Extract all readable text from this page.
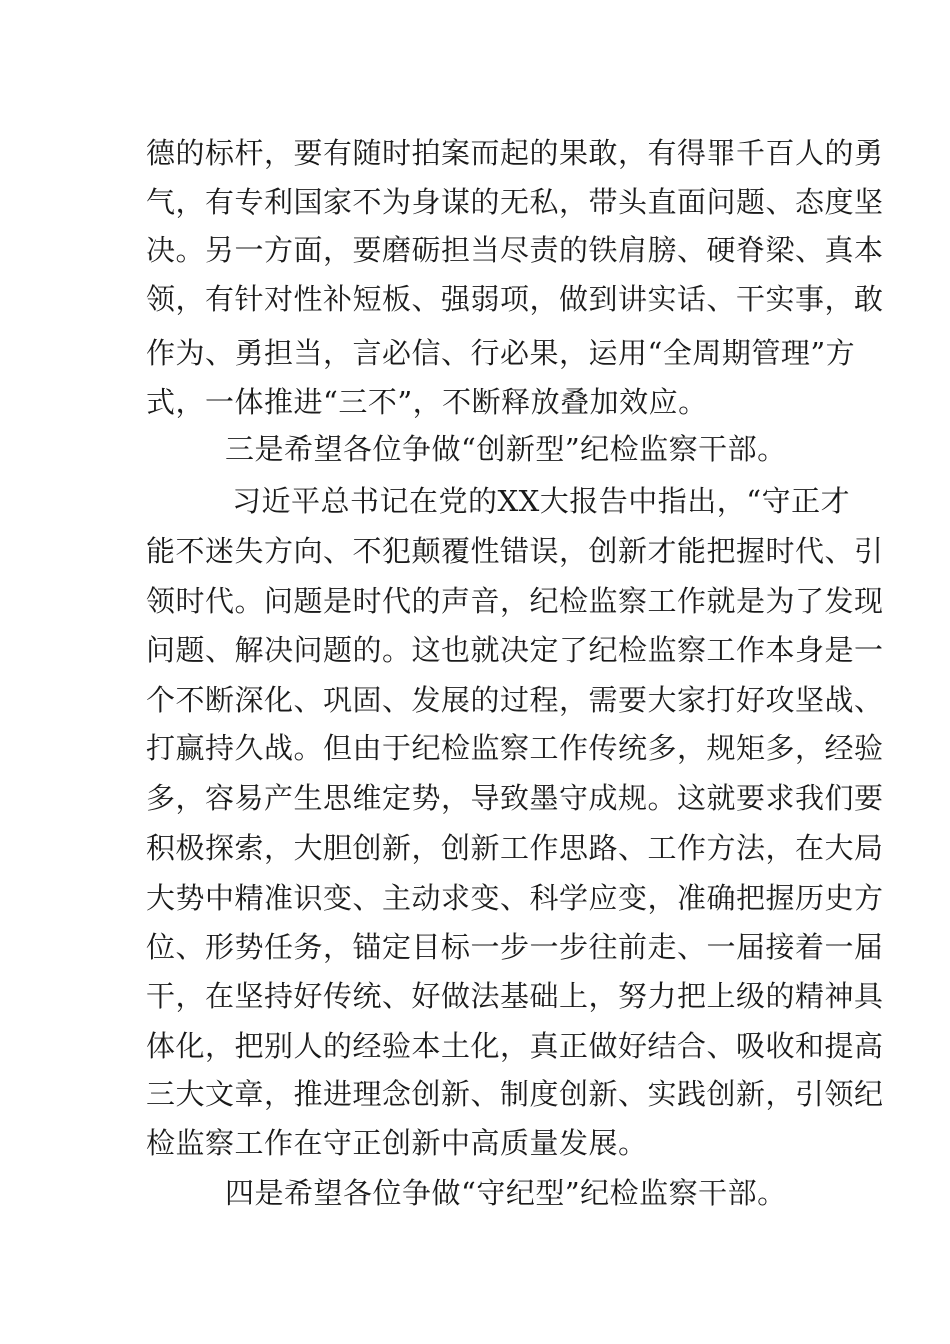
德的标杆，要有随时拍案而起的果敢，有得罪千百人的勇
气，有专利国家不为身谋的无私，带头直面问题、态度坚
决。另一方面，要磨砺担当尽责的铁肩膀、硬脊梁、真本
领，有针对性补短板、强弱项，做到讲实话、干实事，敢
作为、勇担当，言必信、行必果，运用“全周期管理”方
式，一体推进“三不”，不断释放叠加效应。
三是希望各位争做“创新型”纪检监察干部。
习近平总书记在党的XX大报告中指出，“守正才
能不迷失方向、不犯颠覆性错误，创新才能把握时代、引
领时代。问题是时代的声音，纪检监察工作就是为了发现
问题、解决问题的。这也就决定了纪检监察工作本身是一
个不断深化、巩固、发展的过程，需要大家打好攻坚战、
打赢持久战。但由于纪检监察工作传统多，规矩多，经验
多，容易产生思维定势，导致墨守成规。这就要求我们要
积极探索，大胆创新，创新工作思路、工作方法，在大局
大势中精准识变、主动求变、科学应变，准确把握历史方
位、形势任务，锚定目标一步一步往前走、一届接着一届
干，在坚持好传统、好做法基础上，努力把上级的精神具
体化，把别人的经验本土化，真正做好结合、吸收和提高
三大文章，推进理念创新、制度创新、实践创新，引领纪
检监察工作在守正创新中高质量发展。
四是希望各位争做“守纪型”纪检监察干部。
